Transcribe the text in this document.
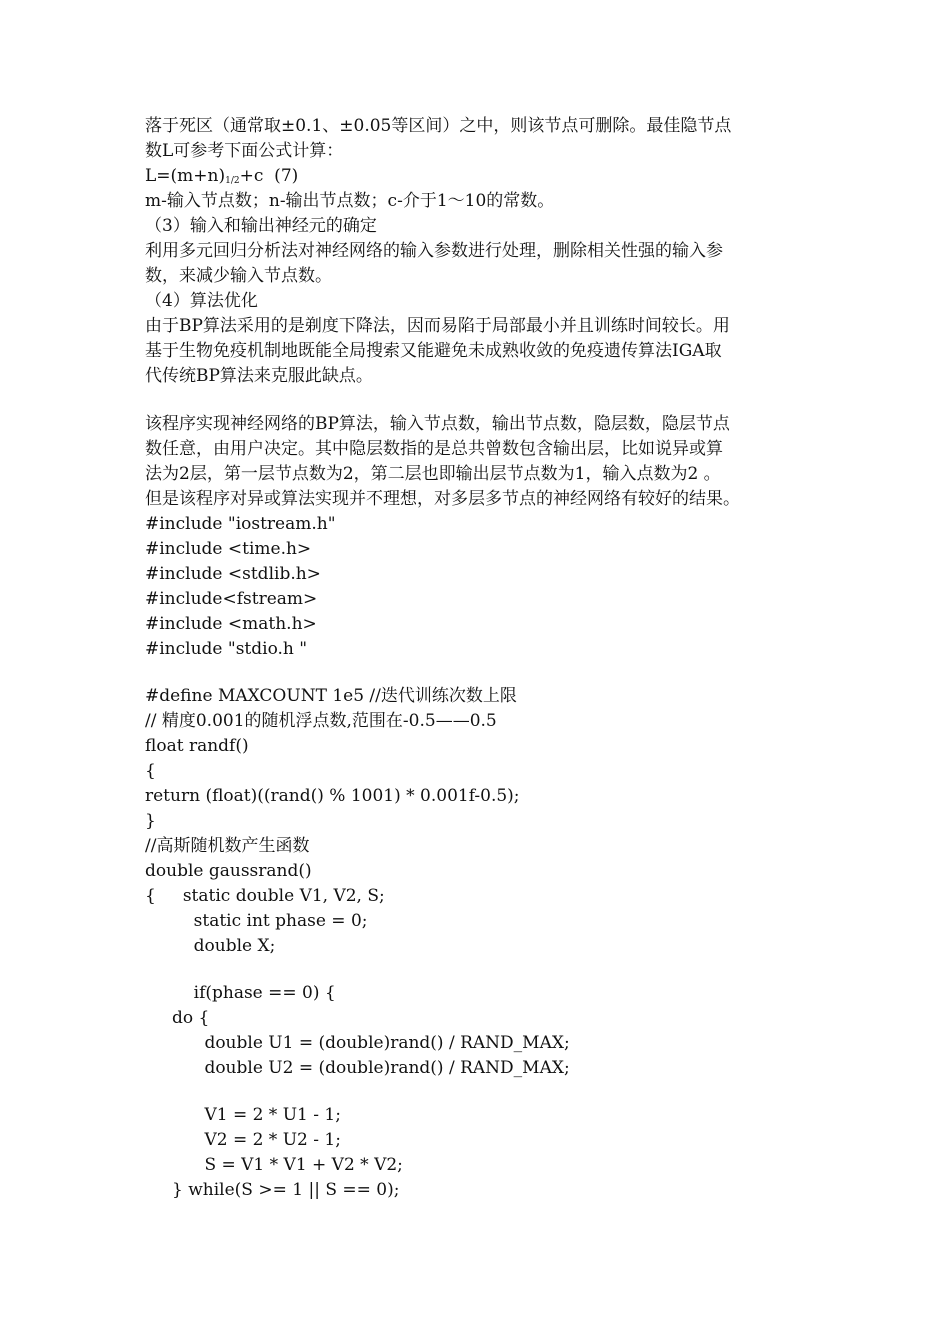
落于死区（通常取±0.1、±0.05等区间）之中，则该节点可删除。最佳隐节点
数L可参考下面公式计算：
L=(m+n)1/2+c  (7)
m-输入节点数；n-输出节点数；c-介于1～10的常数。
（3）输入和输出神经元的确定
利用多元回归分析法对神经网络的输入参数进行处理，删除相关性强的输入参
数，来减少输入节点数。
（4）算法优化
由于BP算法采用的是剃度下降法，因而易陷于局部最小并且训练时间较长。用
基于生物免疫机制地既能全局搜索又能避免未成熟收敛的免疫遗传算法IGA取
代传统BP算法来克服此缺点。
该程序实现神经网络的BP算法，输入节点数，输出节点数，隐层数，隐层节点
数任意，由用户决定。其中隐层数指的是总共曾数包含输出层，比如说异或算
法为2层，第一层节点数为2，第二层也即输出层节点数为1，输入点数为2 。
但是该程序对异或算法实现并不理想，对多层多节点的神经网络有较好的结果。
#include "iostream.h"
#include <time.h>
#include <stdlib.h>
#include<fstream>
#include <math.h>
#include "stdio.h "
#define MAXCOUNT 1e5 //迭代训练次数上限
// 精度0.001的随机浮点数,范围在-0.5——0.5
float randf()
{
return (float)((rand() % 1001) * 0.001f-0.5);
}
//高斯随机数产生函数
double gaussrand()
{     static double V1, V2, S;
static int phase = 0;
double X;
if(phase == 0) {
do {
double U1 = (double)rand() / RAND_MAX;
double U2 = (double)rand() / RAND_MAX;
V1 = 2 * U1 - 1;
V2 = 2 * U2 - 1;
S = V1 * V1 + V2 * V2;
} while(S >= 1 || S == 0);
